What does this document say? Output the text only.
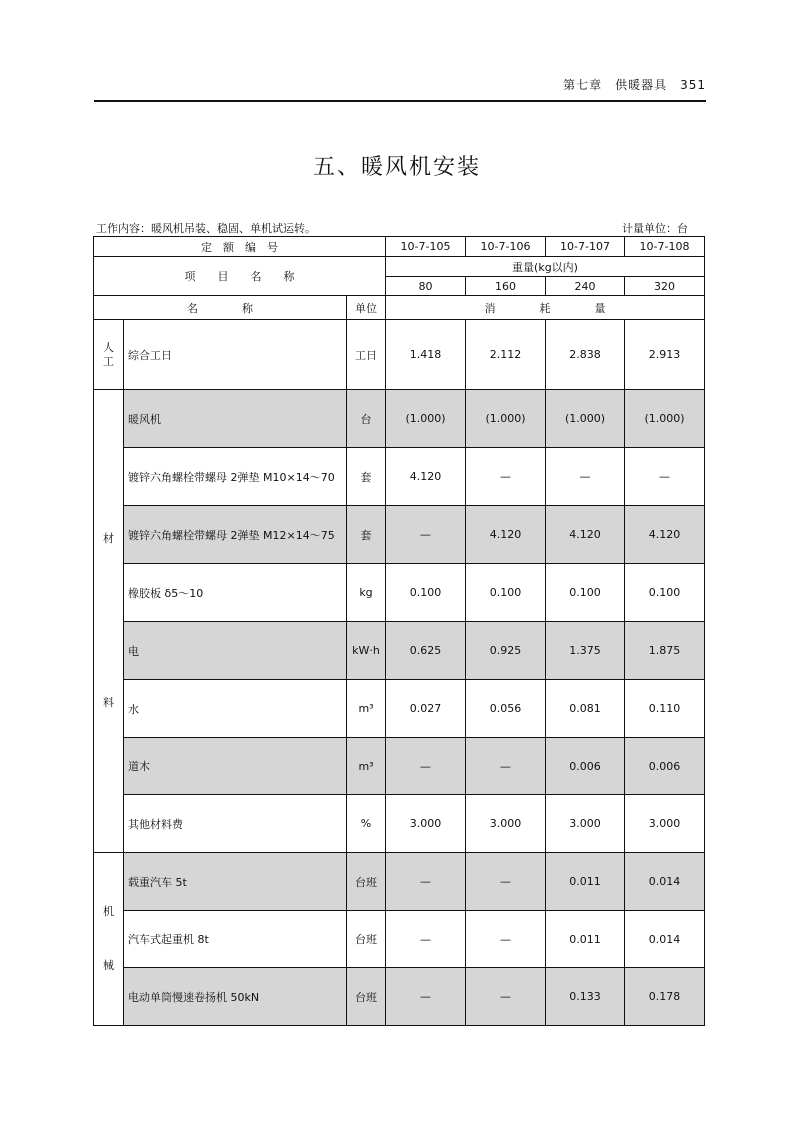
第七章　供暖器具　351
五、暖风机安装
工作内容：暖风机吊装、稳固、单机试运转。	计量单位：台
定　额　编　号			10-7-105	10-7-106	10-7-107	10-7-108
项　　目　　名　　称			重量(kg以内)			
			80	160	240	320
名　　　　称		单位	消　　　　耗　　　　量			

人
工	综合工日	工日	1.418	2.112	2.838	2.913

材
料	暖风机	台	(1.000)	(1.000)	(1.000)	(1.000)
	镀锌六角螺栓带螺母 2弹垫 M10×14～70	套	4.120	—	—	—
	镀锌六角螺栓带螺母 2弹垫 M12×14～75	套	—	4.120	4.120	4.120
	橡胶板 δ5～10	kg	0.100	0.100	0.100	0.100
	电	kW·h	0.625	0.925	1.375	1.875
	水	m³	0.027	0.056	0.081	0.110
	道木	m³	—	—	0.006	0.006
	其他材料费	%	3.000	3.000	3.000	3.000

机
械	载重汽车 5t	台班	—	—	0.011	0.014
	汽车式起重机 8t	台班	—	—	0.011	0.014
	电动单筒慢速卷扬机 50kN	台班	—	—	0.133	0.178
